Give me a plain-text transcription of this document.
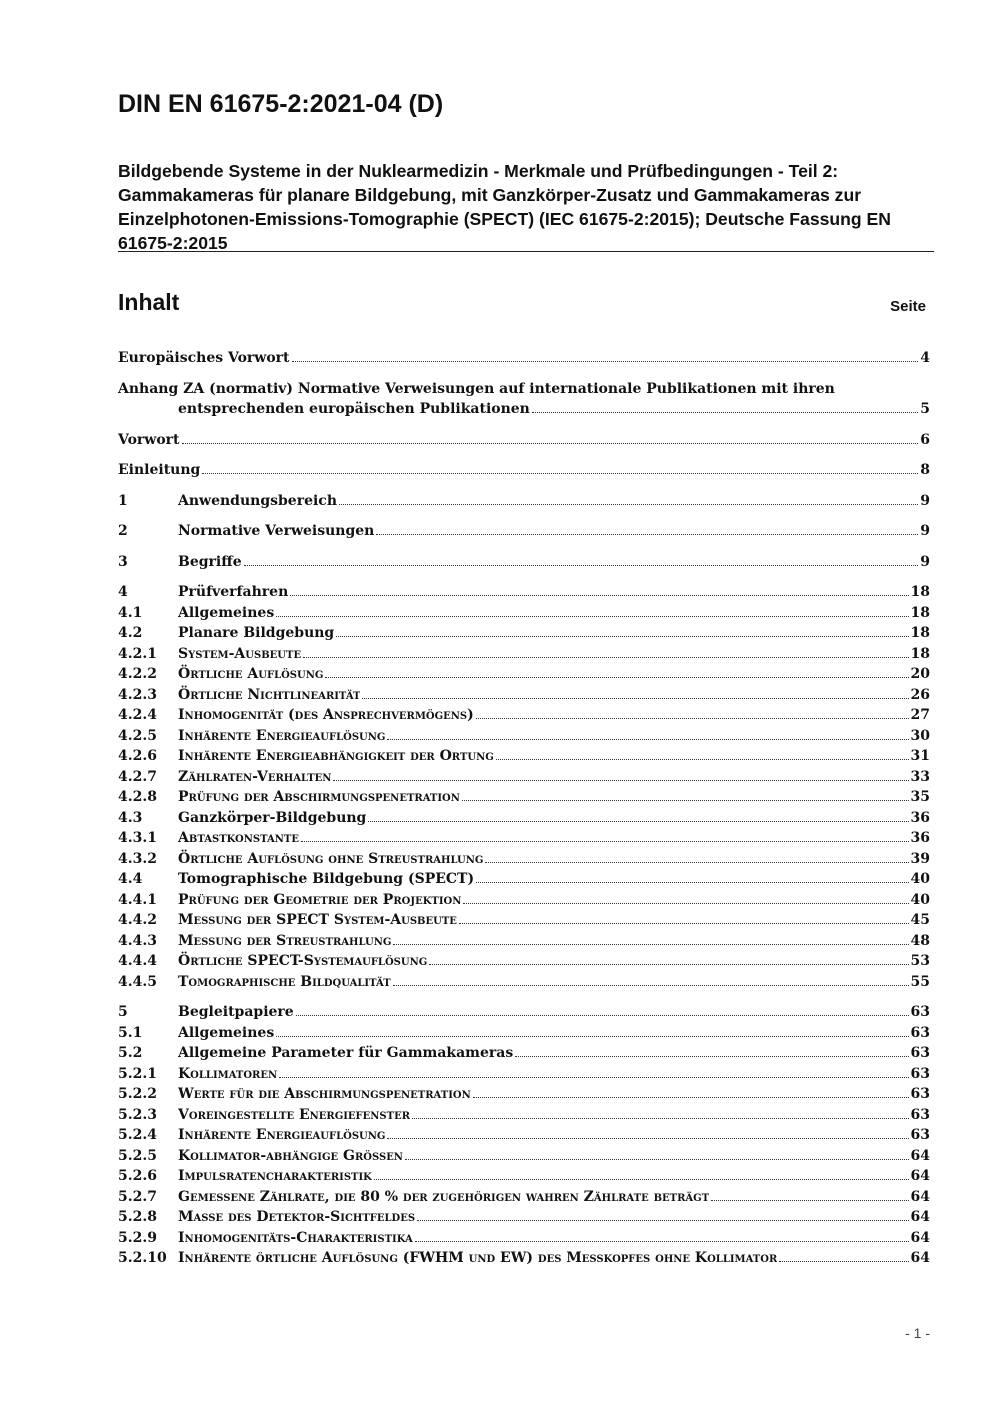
DIN EN 61675-2:2021-04 (D)

Bildgebende Systeme in der Nuklearmedizin - Merkmale und Prüfbedingungen - Teil 2: Gammakameras für planare Bildgebung, mit Ganzkörper-Zusatz und Gammakameras zur Einzelphotonen-Emissions-Tomographie (SPECT) (IEC 61675-2:2015); Deutsche Fassung EN 61675-2:2015

Inhalt	Seite
Europäisches Vorwort	4
Anhang ZA (normativ) Normative Verweisungen auf internationale Publikationen mit ihren
entsprechenden europäischen Publikationen	5
Vorwort	6
Einleitung	8
1	Anwendungsbereich	9
2	Normative Verweisungen	9
3	Begriffe	9
4	Prüfverfahren	18
4.1	Allgemeines	18
4.2	Planare Bildgebung	18
4.2.1	System-Ausbeute	18
4.2.2	Örtliche Auflösung	20
4.2.3	Örtliche Nichtlinearität	26
4.2.4	Inhomogenität (des Ansprechvermögens)	27
4.2.5	Inhärente Energieauflösung	30
4.2.6	Inhärente Energieabhängigkeit der Ortung	31
4.2.7	Zählraten-Verhalten	33
4.2.8	Prüfung der Abschirmungspenetration	35
4.3	Ganzkörper-Bildgebung	36
4.3.1	Abtastkonstante	36
4.3.2	Örtliche Auflösung ohne Streustrahlung	39
4.4	Tomographische Bildgebung (SPECT)	40
4.4.1	Prüfung der Geometrie der Projektion	40
4.4.2	Messung der SPECT System-Ausbeute	45
4.4.3	Messung der Streustrahlung	48
4.4.4	Örtliche SPECT-Systemauflösung	53
4.4.5	Tomographische Bildqualität	55
5	Begleitpapiere	63
5.1	Allgemeines	63
5.2	Allgemeine Parameter für Gammakameras	63
5.2.1	Kollimatoren	63
5.2.2	Werte für die Abschirmungspenetration	63
5.2.3	Voreingestellte Energiefenster	63
5.2.4	Inhärente Energieauflösung	63
5.2.5	Kollimator-abhängige Größen	64
5.2.6	Impulsratencharakteristik	64
5.2.7	Gemessene Zählrate, die 80 % der zugehörigen wahren Zählrate beträgt	64
5.2.8	Maße des Detektor-Sichtfeldes	64
5.2.9	Inhomogenitäts-Charakteristika	64
5.2.10 Inhärente örtliche Auflösung (FWHM und EW) des Messkopfes ohne Kollimator	64
- 1 -
